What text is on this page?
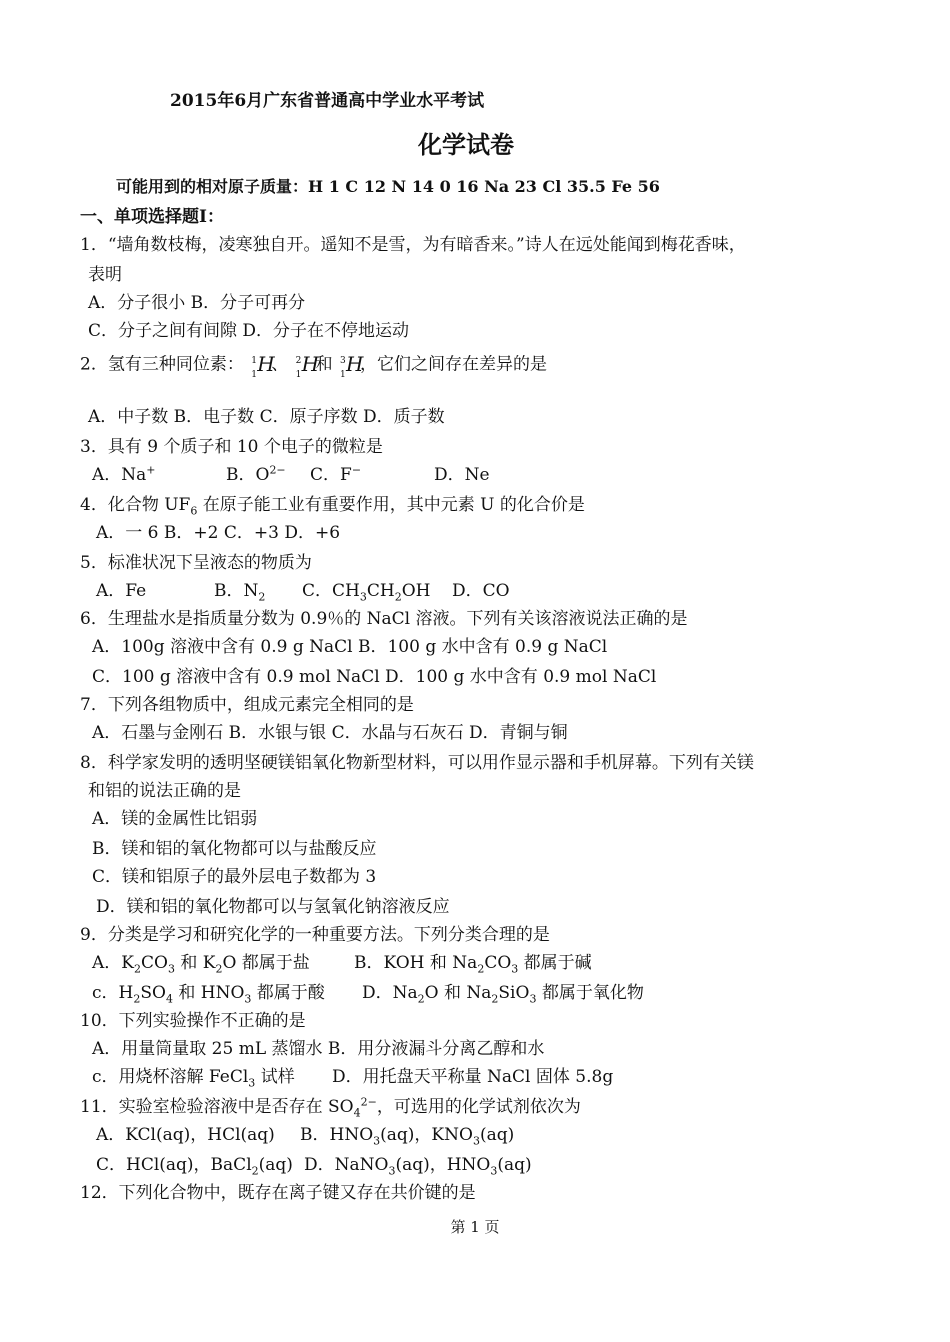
2015年6月广东省普通高中学业水平考试
化学试卷
可能用到的相对原子质量：H 1 C 12 N 14 0 16 Na 23 Cl 35.5 Fe 56
一、单项选择题Ⅰ：
1．“墙角数枝梅，凌寒独自开。遥知不是雪，为有暗香来。”诗人在远处能闻到梅花香味，
表明
A．分子很小 B．分子可再分
C．分子之间有间隙 D．分子在不停地运动
2．氢有三种同位素： 1
1 H
、 2
1 H
和 3
1 H
，它们之间存在差异的是
A．中子数 B．电子数 C．原子序数 D．质子数
3．具有 9 个质子和 10 个电子的微粒是
A．Na+	B．$O^{2-}$ C．F−	D．Ne
4．化合物 $UF_6$ 在原子能工业有重要作用，其中元素 U 的化合价是
A．一 6 B．+2 C．+3 D．+6
5．标准状况下呈液态的物质为
A．Fe	B．$N_2$ C．$CH_3CH_2OH$ D．CO
6．生理盐水是指质量分数为 0.9％的 NaCl 溶液。下列有关该溶液说法正确的是
A．100g 溶液中含有 0.9 g NaCl B．100 g 水中含有 0.9 g NaCl
C．100 g 溶液中含有 0.9 mol NaCl D．100 g 水中含有 0.9 mol NaCl
7．下列各组物质中，组成元素完全相同的是
A．石墨与金刚石 B．水银与银 C．水晶与石灰石 D．青铜与铜
8．科学家发明的透明坚硬镁铝氧化物新型材料，可以用作显示器和手机屏幕。下列有关镁
和铝的说法正确的是
A．镁的金属性比铝弱
B．镁和铝的氧化物都可以与盐酸反应
C．镁和铝原子的最外层电子数都为 3
D．镁和铝的氧化物都可以与氢氧化钠溶液反应
9．分类是学习和研究化学的一种重要方法。下列分类合理的是
A．$K_2CO_3$ 和 $K_2O$ 都属于盐	B．KOH 和 $Na_2CO_3$ 都属于碱
c．$H_2SO_4$ 和 $HNO_3$ 都属于酸 D．$Na_2O$ 和 $Na_2SiO_3$ 都属于氧化物
10．下列实验操作不正确的是
A．用量筒量取 25 mL 蒸馏水 B．用分液漏斗分离乙醇和水
c．用烧杯溶解 FeCl$_3$ 试样 D．用托盘天平称量 NaCl 固体 5.8g
11．实验室检验溶液中是否存在 $SO_4^{2-}$，可选用的化学试剂依次为
A．KCl(aq)，HCl(aq) B．$HNO_3(aq)$，$KNO_3(aq)$
C．HCl(aq)，BaCl$_2$(aq) D．NaNO$_3$(aq)，$HNO_3(aq)$
12．下列化合物中，既存在离子键又存在共价键的是
第 1 页
